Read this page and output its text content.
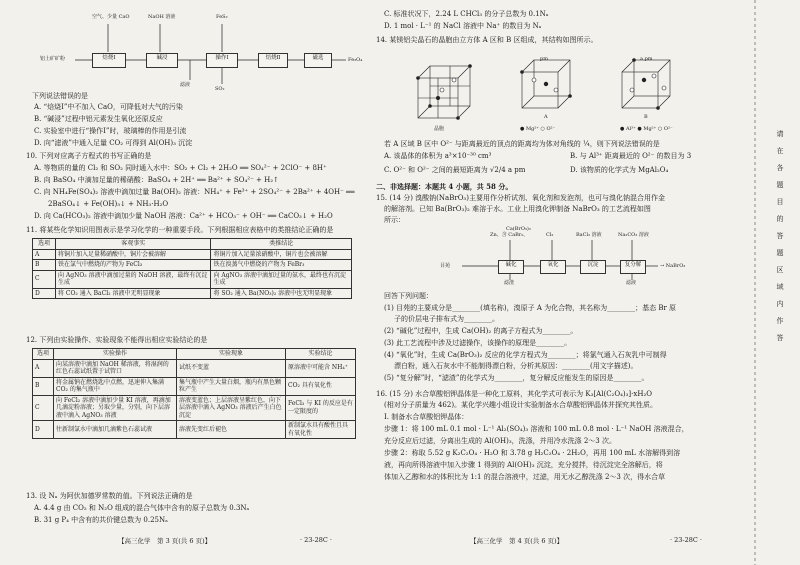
铝土矿矿粉
空气、少量 CaO	NaOH 溶液	FeS₂
焙烧Ⅰ	碱浸	操作Ⅰ	焙烧Ⅱ	磁选	Fe₃O₄
滤液
SO₂
下列说法错误的是
A. “焙烧Ⅰ”中不加入 CaO，可降低对大气的污染
B. “碱浸”过程中铝元素发生氧化还原反应
C. 实验室中进行“操作Ⅰ”时，玻璃棒的作用是引流
D. 向“滤液”中通入足量 CO₂ 可得到 Al(OH)₃ 沉淀
10. 下列对应离子方程式的书写正确的是
A. 等物质的量的 Cl₂ 和 SO₂ 同时通入水中：SO₂ + Cl₂ + 2H₂O ══ SO₄²⁻ + 2ClO⁻ + 8H⁺
B. 向 BaSO₄ 中滴加足量的稀硝酸：BaSO₄ + 2H⁺ ══ Ba²⁺ + SO₄²⁻ + H₂↑
C. 向 NH₄Fe(SO₄)₂ 溶液中滴加过量 Ba(OH)₂ 溶液：NH₄⁺ + Fe³⁺ + 2SO₄²⁻ + 2Ba²⁺ + 4OH⁻ ══
2BaSO₄↓ + Fe(OH)₃↓ + NH₃·H₂O
D. 向 Ca(HCO₃)₂ 溶液中滴加少量 NaOH 溶液：Ca²⁺ + HCO₃⁻ + OH⁻ ══ CaCO₃↓ + H₂O
11. 将某些化学知识用图表示是学习化学的一种重要手段。下列根据相应表格中的类推结论正确的是
选项	客观事实	类推结论
A	将铜片加入足量稀硝酸中，铜片会被溶解	将铜片加入足量浓硝酸中，铜片也会被溶解
B	铁在氯气中燃烧的产物为 FeCl₃	铁在溴蒸气中燃烧的产物为 FeBr₃
C	向 AgNO₃ 溶液中滴加过量的 NaOH 溶液，最终有沉淀生成	向 AgNO₃ 溶液中滴加过量的氨水，最终也有沉淀生成
D	将 CO₂ 通入 BaCl₂ 溶液中无明显现象	将 SO₂ 通入 Ba(NO₃)₂ 溶液中也无明显现象
12. 下列由实验操作、实验现象不能得出相应实验结论的是
选项	实验操作	实验现象	实验结论
A	向某溶液中滴加 NaOH 稀溶液，将湿润的红色石蕊试纸置于试管口	试纸不变蓝	原溶液中可能含 NH₄⁺
B	将金属钠在燃烧匙中点燃，迅速伸入集满 CO₂ 的集气瓶中	集气瓶中产生大量白烟，瓶内有黑色颗粒产生	CO₂ 具有氧化性
C	向 FeCl₂ 溶液中滴加少量 KI 溶液，再滴加几滴淀粉溶液；另取少量，分别，向下层溶液中滴入 AgNO₃ 溶液	溶液变蓝色；上层溶液呈紫红色，向下层溶液中滴入 AgNO₃ 溶液后产生白色沉淀	FeCl₃ 与 KI 的反应是有一定限度的
D	往新制氯水中滴加几滴紫色石蕊试液	溶液先变红后褪色	新制氯水具有酸性且具有氧化性
13. 设 Nₐ 为阿伏加德罗常数的值。下列说法正确的是
A. 4.4 g 由 CO₂ 和 N₂O 组成的混合气体中含有的原子总数为 0.3Nₐ
B. 31 g P₄ 中含有的共价键总数为 0.25Nₐ
【高三化学　第 3 页(共 6 页)】	· 23-28C ·
C. 标准状况下，2.24 L CHCl₃ 的分子总数为 0.1Nₐ
D. 1 mol · L⁻¹ 的 NaCl 溶液中 Na⁺ 的数目为 Nₐ
14. 某镁铝尖晶石的晶胞由立方体 A 区和 B 区组成，其结构如图所示。
晶胞
A	B
pm	a pm
● Mg²⁺ ○ O²⁻	● Al³⁺ ● Mg²⁺ ○ O²⁻
若 A 区域 B 区中 O²⁻ 与距离最近的顶点的距离均为体对角线的 ¼，则下列说法错误的是
A. 该晶体的体积为 a³×10⁻³⁰ cm³	B. 与 Al³⁺ 距离最近的 O²⁻ 的数目为 3
C. O²⁻ 和 O²⁻ 之间的最短距离为 √2/4 a pm	D. 该物质的化学式为 MgAl₂O₄
二、非选择题：本题共 4 小题，共 58 分。
15. (14 分) 溴酸钠(NaBrO₃)主要用作分析试剂、氧化剂和发泡剂，也可与溴化钠混合用作金
的解溶剂。已知 Ba(BrO₃)₂ 难溶于水。工业上用溴化钾制备 NaBrO₃ 的工艺流程如图
所示：
Zn、含 CaBr₂、
Ca(BrO₃)₂
Cl₂	BaCl₂ 溶液	Na₂CO₃ 溶液
目苑	碱化	氧化	沉淀	复分解	→ NaBrO₃
滤渣	滤液
回答下列问题：
(1) 目苑的主要成分是________(填名称)，溴原子 A 为化合物，其名称为________；基态 Br 原
子的价层电子排布式为________。
(2) “碱化”过程中，生成 Ca(OH)₂ 的离子方程式为________。
(3) 此工艺流程中涉及过滤操作，该操作的原理是________。
(4) “氧化”时，生成 Ca(BrO₃)₂ 反应的化学方程式为________；将氯气通入石灰乳中可制得
漂白粉，通入石灰水中不能制得漂白粉，分析其原因：________(用文字描述)。
(5) “复分解”时，“滤渣”的化学式为________，复分解反应能发生的原因是________。
16. (15 分) 水合草酸铝钾晶体是一种化工原料，其化学式可表示为 K₃[Al(C₂O₄)₃]·xH₂O
(相对分子质量为 462)。某化学兴趣小组设计实验制备水合草酸铝钾晶体并探究其性质。
Ⅰ. 制备水合草酸铝钾晶体：
步骤 1：将 100 mL 0.1 mol · L⁻¹ Al₂(SO₄)₃ 溶液和 100 mL 0.8 mol · L⁻¹ NaOH 溶液混合，
充分反应后过滤，分离出生成的 Al(OH)₃，洗涤，并用冷水洗涤 2～3 次。
步骤 2：称取 5.52 g K₂C₂O₄ · H₂O 和 3.78 g H₂C₂O₄ · 2H₂O，再用 100 mL 水溶解得到溶
液，再向所得溶液中加入步骤 1 得到的 Al(OH)₃ 沉淀，充分搅拌，待沉淀完全溶解后，将
体加入乙醇和水的体积比为 1:1 的混合溶液中，过滤，用无水乙醇洗涤 2～3 次，得水合草
【高三化学　第 4 页(共 6 页)】	· 23-28C ·
请在各题目的答题区域内作答
